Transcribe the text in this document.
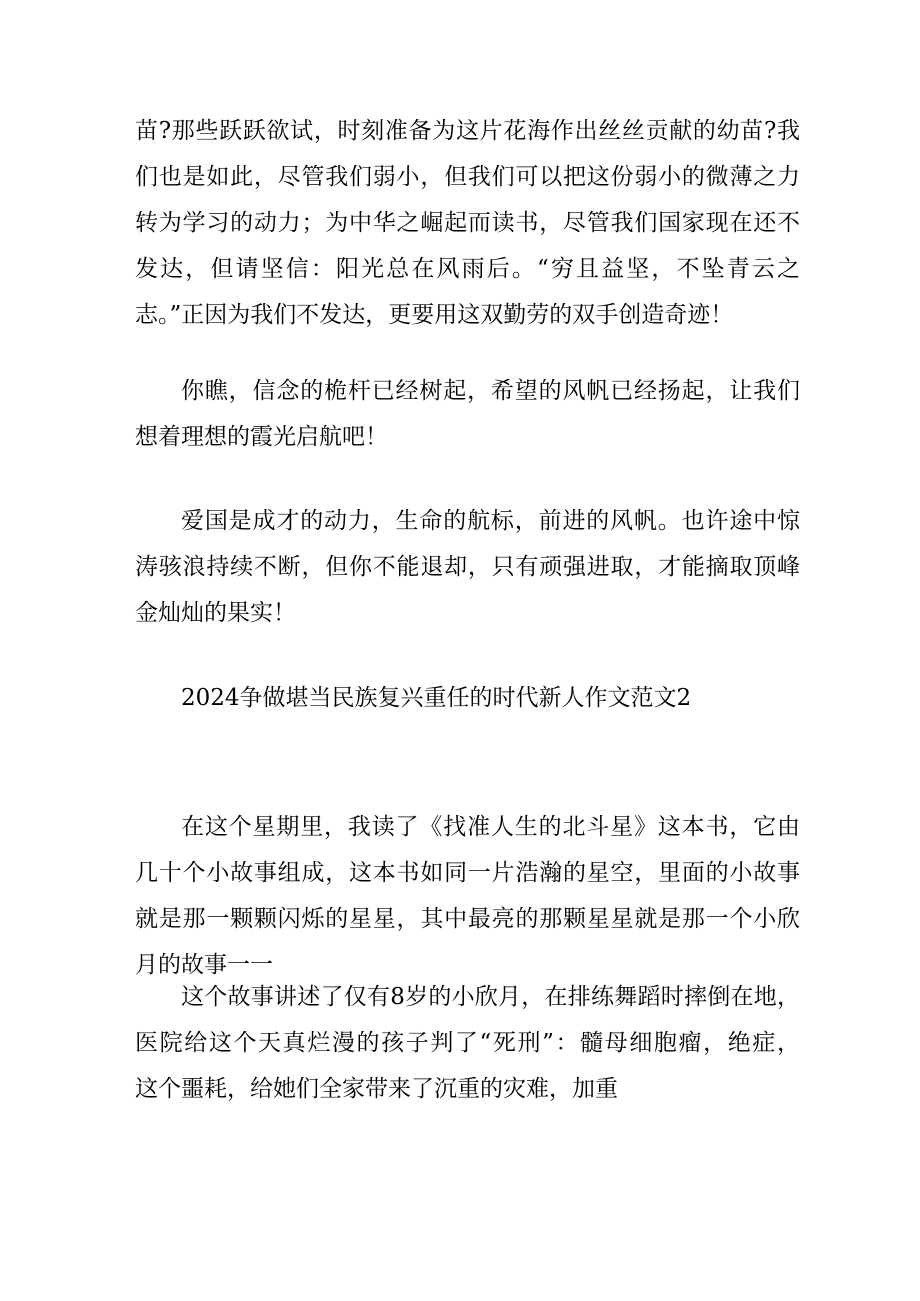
苗?那些跃跃欲试，时刻准备为这片花海作出丝丝贡献的幼苗?我
们也是如此，尽管我们弱小，但我们可以把这份弱小的微薄之力
转为学习的动力；为中华之崛起而读书，尽管我们国家现在还不
发达，但请坚信：阳光总在风雨后。“穷且益坚，不坠青云之
志。”正因为我们不发达，更要用这双勤劳的双手创造奇迹！
你瞧，信念的桅杆已经树起，希望的风帆已经扬起，让我们
想着理想的霞光启航吧！
爱国是成才的动力，生命的航标，前进的风帆。也许途中惊
涛骇浪持续不断，但你不能退却，只有顽强进取，才能摘取顶峰
金灿灿的果实！
2024争做堪当民族复兴重任的时代新人作文范文2
在这个星期里，我读了《找准人生的北斗星》这本书，它由
几十个小故事组成，这本书如同一片浩瀚的星空，里面的小故事
就是那一颗颗闪烁的星星，其中最亮的那颗星星就是那一个小欣
月的故事一一
这个故事讲述了仅有8岁的小欣月，在排练舞蹈时摔倒在地，
医院给这个天真烂漫的孩子判了“死刑”：髓母细胞瘤，绝症，
这个噩耗，给她们全家带来了沉重的灾难，加重
